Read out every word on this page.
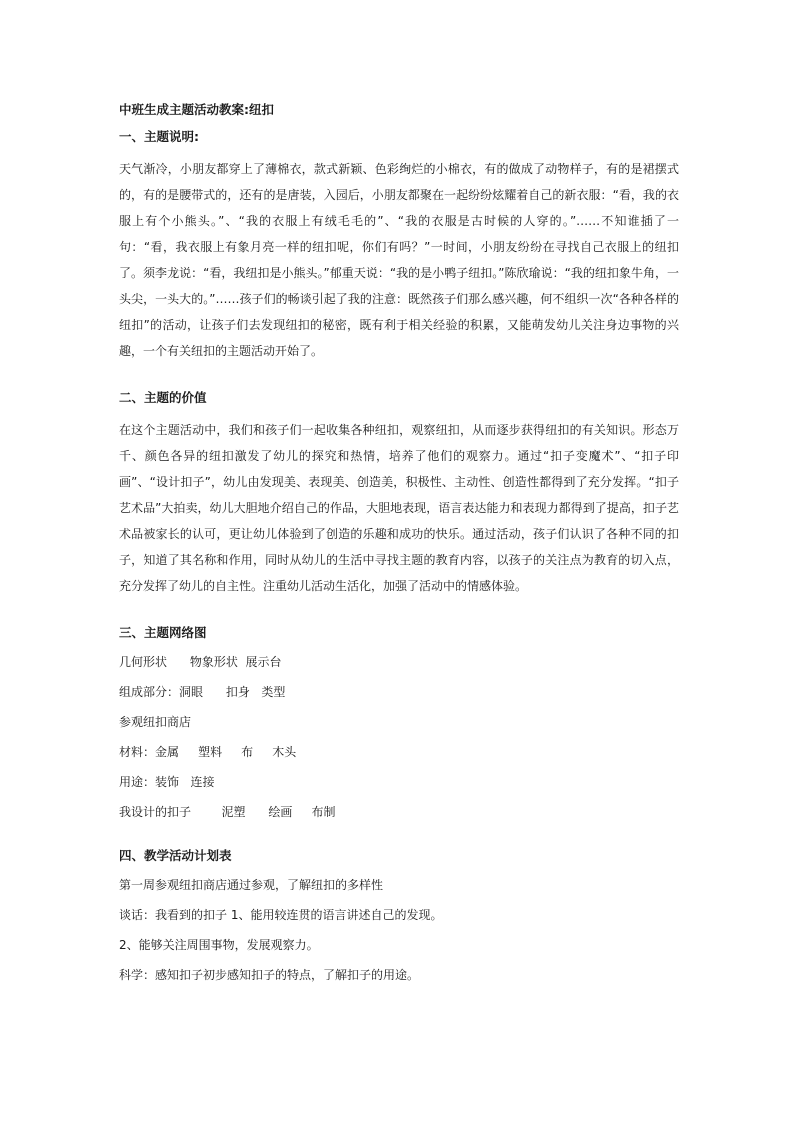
中班生成主题活动教案:纽扣
一、主题说明:

天气渐冷，小朋友都穿上了薄棉衣，款式新颖、色彩绚烂的小棉衣，有的做成了动物样子，有的是裙摆式的，有的是腰带式的，还有的是唐装，入园后，小朋友都聚在一起纷纷炫耀着自己的新衣服：“看，我的衣服上有个小熊头。”、“我的衣服上有绒毛毛的”、“我的衣服是古时候的人穿的。”……不知谁插了一句：“看，我衣服上有象月亮一样的纽扣呢，你们有吗？”一时间，小朋友纷纷在寻找自己衣服上的纽扣了。须李龙说：“看，我纽扣是小熊头。”郁重天说：“我的是小鸭子纽扣。”陈欣瑜说：“我的纽扣象牛角，一头尖，一头大的。”……孩子们的畅谈引起了我的注意：既然孩子们那么感兴趣，何不组织一次“各种各样的纽扣”的活动，让孩子们去发现纽扣的秘密，既有利于相关经验的积累，又能萌发幼儿关注身边事物的兴趣，一个有关纽扣的主题活动开始了。

二、主题的价值

在这个主题活动中，我们和孩子们一起收集各种纽扣，观察纽扣，从而逐步获得纽扣的有关知识。形态万千、颜色各异的纽扣激发了幼儿的探究和热情，培养了他们的观察力。通过“扣子变魔术”、“扣子印画”、“设计扣子”，幼儿由发现美、表现美、创造美，积极性、主动性、创造性都得到了充分发挥。“扣子艺术品”大拍卖，幼儿大胆地介绍自己的作品，大胆地表现，语言表达能力和表现力都得到了提高，扣子艺术品被家长的认可，更让幼儿体验到了创造的乐趣和成功的快乐。通过活动，孩子们认识了各种不同的扣子，知道了其名称和作用，同时从幼儿的生活中寻找主题的教育内容，以孩子的关注点为教育的切入点，充分发挥了幼儿的自主性。注重幼儿活动生活化，加强了活动中的情感体验。

三、主题网络图
几何形状      物象形状  展示台
组成部分：洞眼      扣身   类型
参观纽扣商店
材料：金属     塑料     布     木头
用途：装饰   连接
我设计的扣子        泥塑      绘画     布制
四、教学活动计划表
第一周参观纽扣商店通过参观，了解纽扣的多样性
谈话：我看到的扣子 1、能用较连贯的语言讲述自己的发现。
2、能够关注周围事物，发展观察力。
科学：感知扣子初步感知扣子的特点，了解扣子的用途。
